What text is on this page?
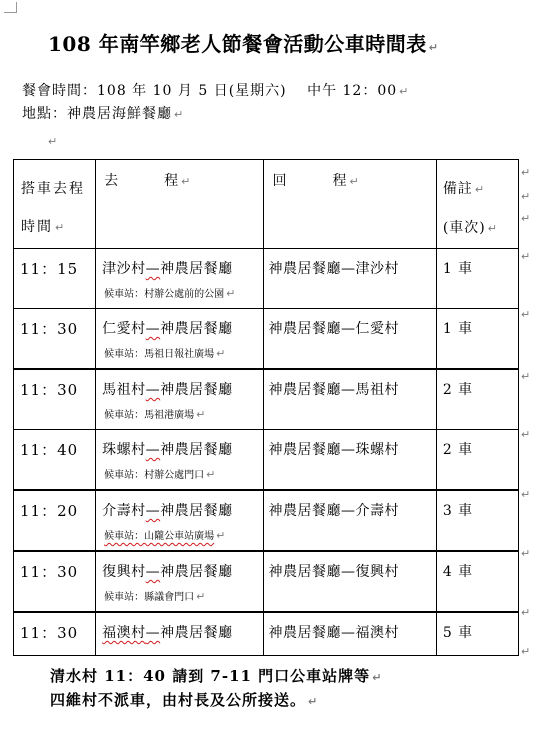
108 年南竿鄉老人節餐會活動公車時間表 ↵
餐會時間：108 年 10 月 5 日(星期六)　 中午 12：00 ↵
地點：神農居海鮮餐廳 ↵
↵
搭車去程
時間 ↵	去　　　程 ↵	回　　　程 ↵	備註 ↵
(車次) ↵

11：15	津沙村—神農居餐廳
候車站：村辦公處前的公園 ↵	神農居餐廳—津沙村	1 車

11：30	仁愛村—神農居餐廳
候車站：馬祖日報社廣場 ↵	神農居餐廳—仁愛村	1 車

11：30	馬祖村—神農居餐廳
候車站：馬祖港廣場 ↵	神農居餐廳—馬祖村	2 車

11：40	珠螺村—神農居餐廳
候車站：村辦公處門口 ↵	神農居餐廳—珠螺村	2 車

11：20	介壽村—神農居餐廳
候車站：山隴公車站廣場 ↵	神農居餐廳—介壽村	3 車

11：30	復興村—神農居餐廳
候車站：縣議會門口 ↵	神農居餐廳—復興村	4 車

11：30	福澳村—神農居餐廳	神農居餐廳—福澳村	5 車
↵
↵
↵
↵
↵
↵
↵
↵
↵
↵
↵
清水村 11：40 請到 7-11 門口公車站牌等 ↵
四維村不派車，由村長及公所接送。 ↵
